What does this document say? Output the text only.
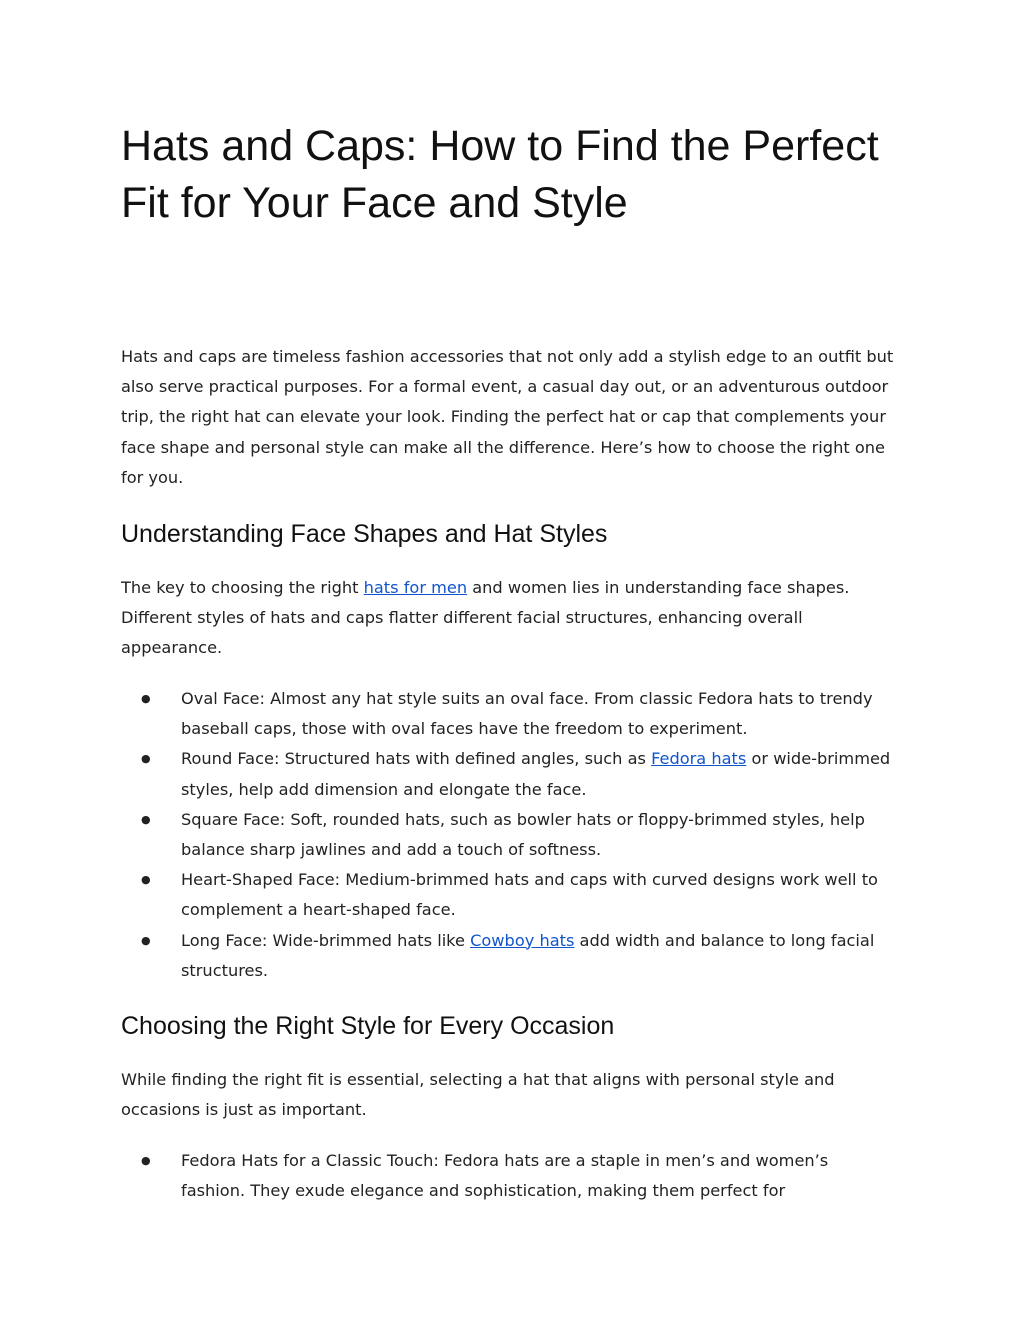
Hats and Caps: How to Find the Perfect Fit for Your Face and Style

Hats and caps are timeless fashion accessories that not only add a stylish edge to an outfit but also serve practical purposes. For a formal event, a casual day out, or an adventurous outdoor trip, the right hat can elevate your look. Finding the perfect hat or cap that complements your face shape and personal style can make all the difference. Here’s how to choose the right one for you.

Understanding Face Shapes and Hat Styles

The key to choosing the right hats for men and women lies in understanding face shapes. Different styles of hats and caps flatter different facial structures, enhancing overall appearance.

● Oval Face: Almost any hat style suits an oval face. From classic Fedora hats to trendy baseball caps, those with oval faces have the freedom to experiment.
● Round Face: Structured hats with defined angles, such as Fedora hats or wide-brimmed styles, help add dimension and elongate the face.
● Square Face: Soft, rounded hats, such as bowler hats or floppy-brimmed styles, help balance sharp jawlines and add a touch of softness.
● Heart-Shaped Face: Medium-brimmed hats and caps with curved designs work well to complement a heart-shaped face.
● Long Face: Wide-brimmed hats like Cowboy hats add width and balance to long facial structures.
Choosing the Right Style for Every Occasion

While finding the right fit is essential, selecting a hat that aligns with personal style and occasions is just as important.

● Fedora Hats for a Classic Touch: Fedora hats are a staple in men’s and women’s fashion. They exude elegance and sophistication, making them perfect for
